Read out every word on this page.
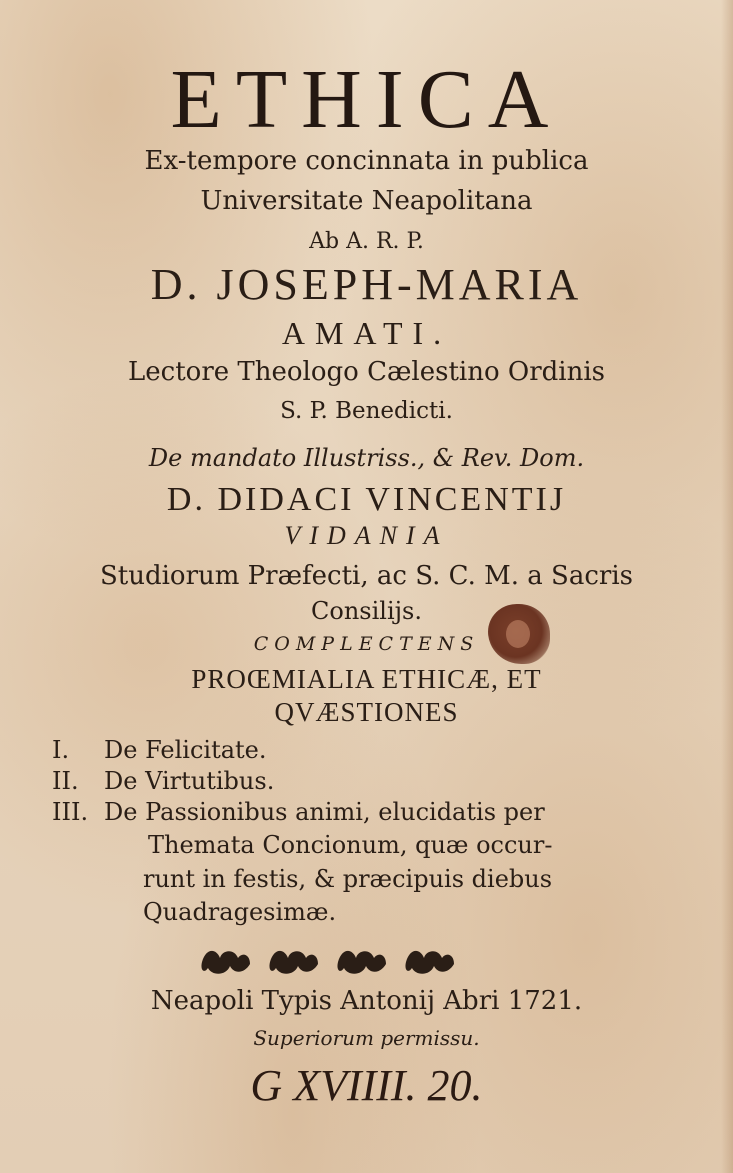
ETHICA
Ex-tempore concinnata in publica
Universitate Neapolitana
Ab A. R. P.
D. JOSEPH-MARIA
AMATI.
Lectore Theologo Cælestino Ordinis
S. P. Benedicti.
De mandato Illustriss., & Rev. Dom.
D. DIDACI VINCENTIJ
VIDANIA
Studiorum Præfecti, ac S. C. M. a Sacris
Consilijs.
COMPLECTENS
PROŒMIALIA ETHICÆ, ET
QVÆSTIONES
I. De Felicitate.
II. De Virtutibus.
III. De Passionibus animi, elucidatis per
Themata Concionum, quæ occur-
runt in festis, & præcipuis diebus
Quadragesimæ.
Neapoli Typis Antonij Abri 1721.
Superiorum permissu.
G XVIIII. 20.
